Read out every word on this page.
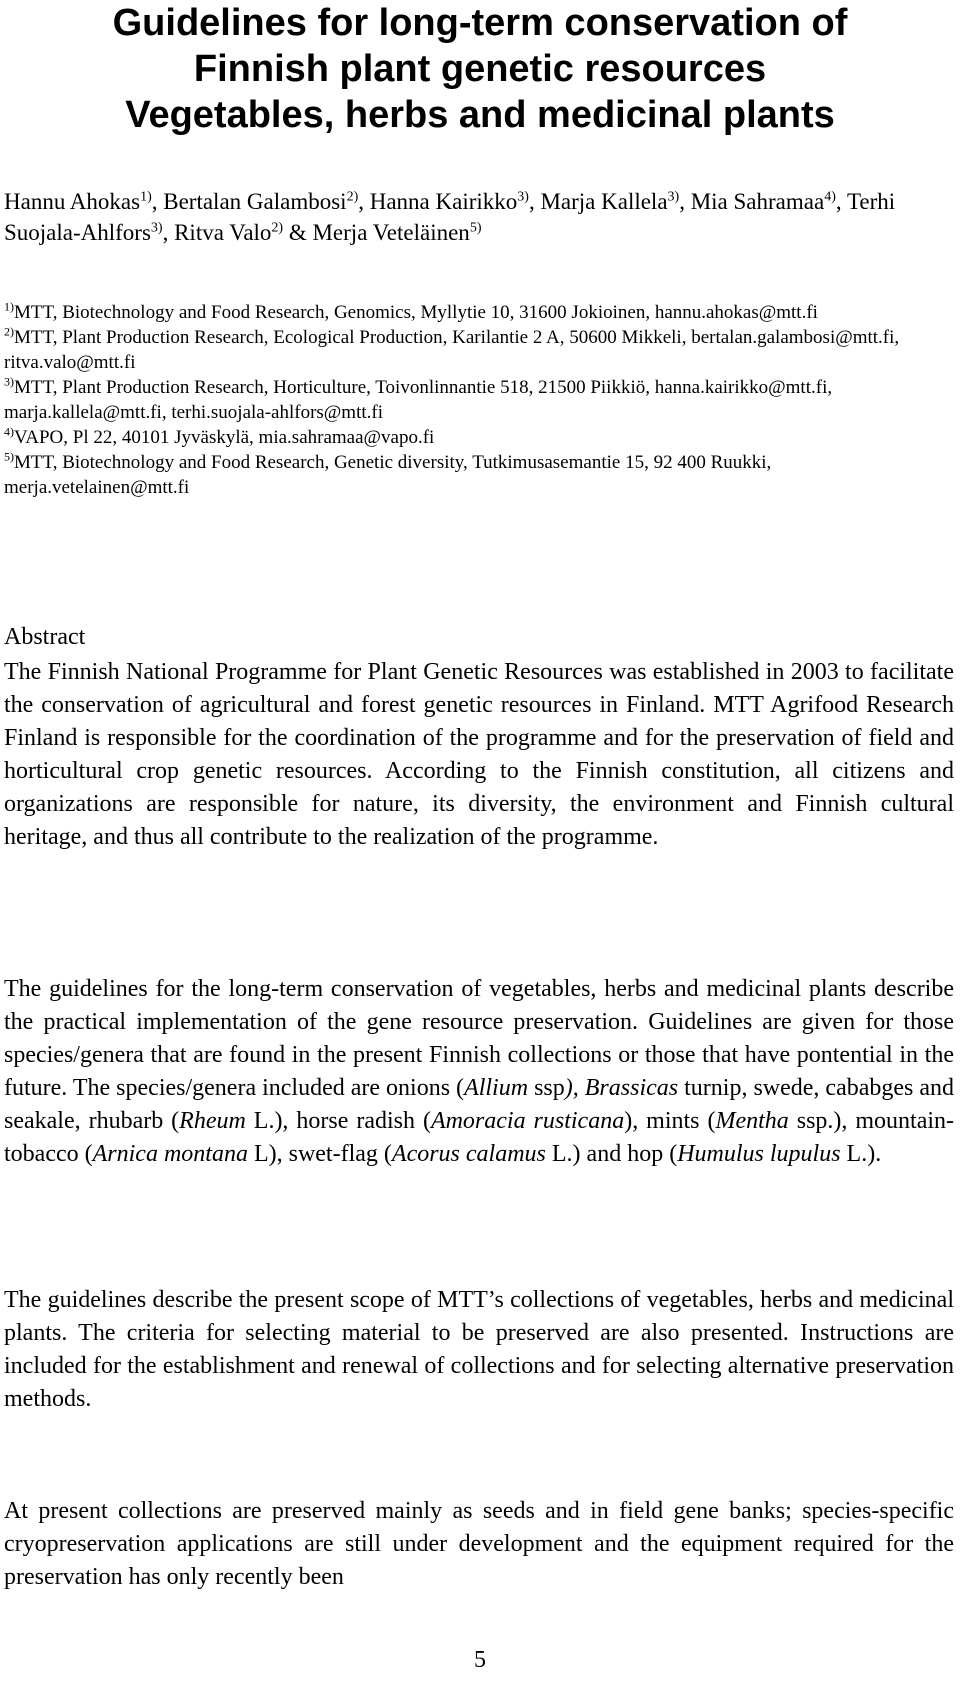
Guidelines for long-term conservation of
Finnish plant genetic resources
Vegetables, herbs and medicinal plants
Hannu Ahokas$^{1)}$, Bertalan Galambosi$^{2)}$, Hanna Kairikko$^{3)}$, Marja Kallela$^{3)}$, Mia Sahramaa$^{4)}$, Terhi Suojala-Ahlfors$^{3)}$, Ritva Valo$^{2)}$ & Merja Veteläinen$^{5)}$
$^{1)}$MTT, Biotechnology and Food Research, Genomics, Myllytie 10, 31600 Jokioinen, hannu.ahokas@mtt.fi
$^{2)}$MTT, Plant Production Research, Ecological Production, Karilantie 2 A, 50600 Mikkeli, bertalan.galambosi@mtt.fi, ritva.valo@mtt.fi
$^{3)}$MTT, Plant Production Research, Horticulture, Toivonlinnantie 518, 21500 Piikkiö, hanna.kairikko@mtt.fi, marja.kallela@mtt.fi, terhi.suojala-ahlfors@mtt.fi
$^{4)}$VAPO, Pl 22, 40101 Jyväskylä, mia.sahramaa@vapo.fi
$^{5)}$MTT, Biotechnology and Food Research, Genetic diversity, Tutkimusasemantie 15, 92 400 Ruukki, merja.vetelainen@mtt.fi
Abstract

The Finnish National Programme for Plant Genetic Resources was established in 2003 to facilitate the conservation of agricultural and forest genetic resources in Finland. MTT Agrifood Research Finland is responsible for the coordination of the programme and for the preservation of field and horticultural crop genetic resources. According to the Finnish constitution, all citizens and organizations are responsible for nature, its diversity, the environment and Finnish cultural heritage, and thus all contribute to the realization of the programme.

The guidelines for the long-term conservation of vegetables, herbs and medicinal plants describe the practical implementation of the gene resource preservation. Guidelines are given for those species/genera that are found in the present Finnish collections or those that have pontential in the future. The species/genera included are onions (Allium ssp), Brassicas turnip, swede, cababges and seakale, rhubarb (Rheum L.), horse radish (Amoracia rusticana), mints (Mentha ssp.), mountain-tobacco (Arnica montana L), swet-flag (Acorus calamus L.) and hop (Humulus lupulus L.).

The guidelines describe the present scope of MTT’s collections of vegetables, herbs and medicinal plants. The criteria for selecting material to be preserved are also presented. Instructions are included for the establishment and renewal of collections and for selecting alternative preservation methods.

At present collections are preserved mainly as seeds and in field gene banks; species-specific cryopreservation applications are still under development and the equipment required for the preservation has only recently been

5
